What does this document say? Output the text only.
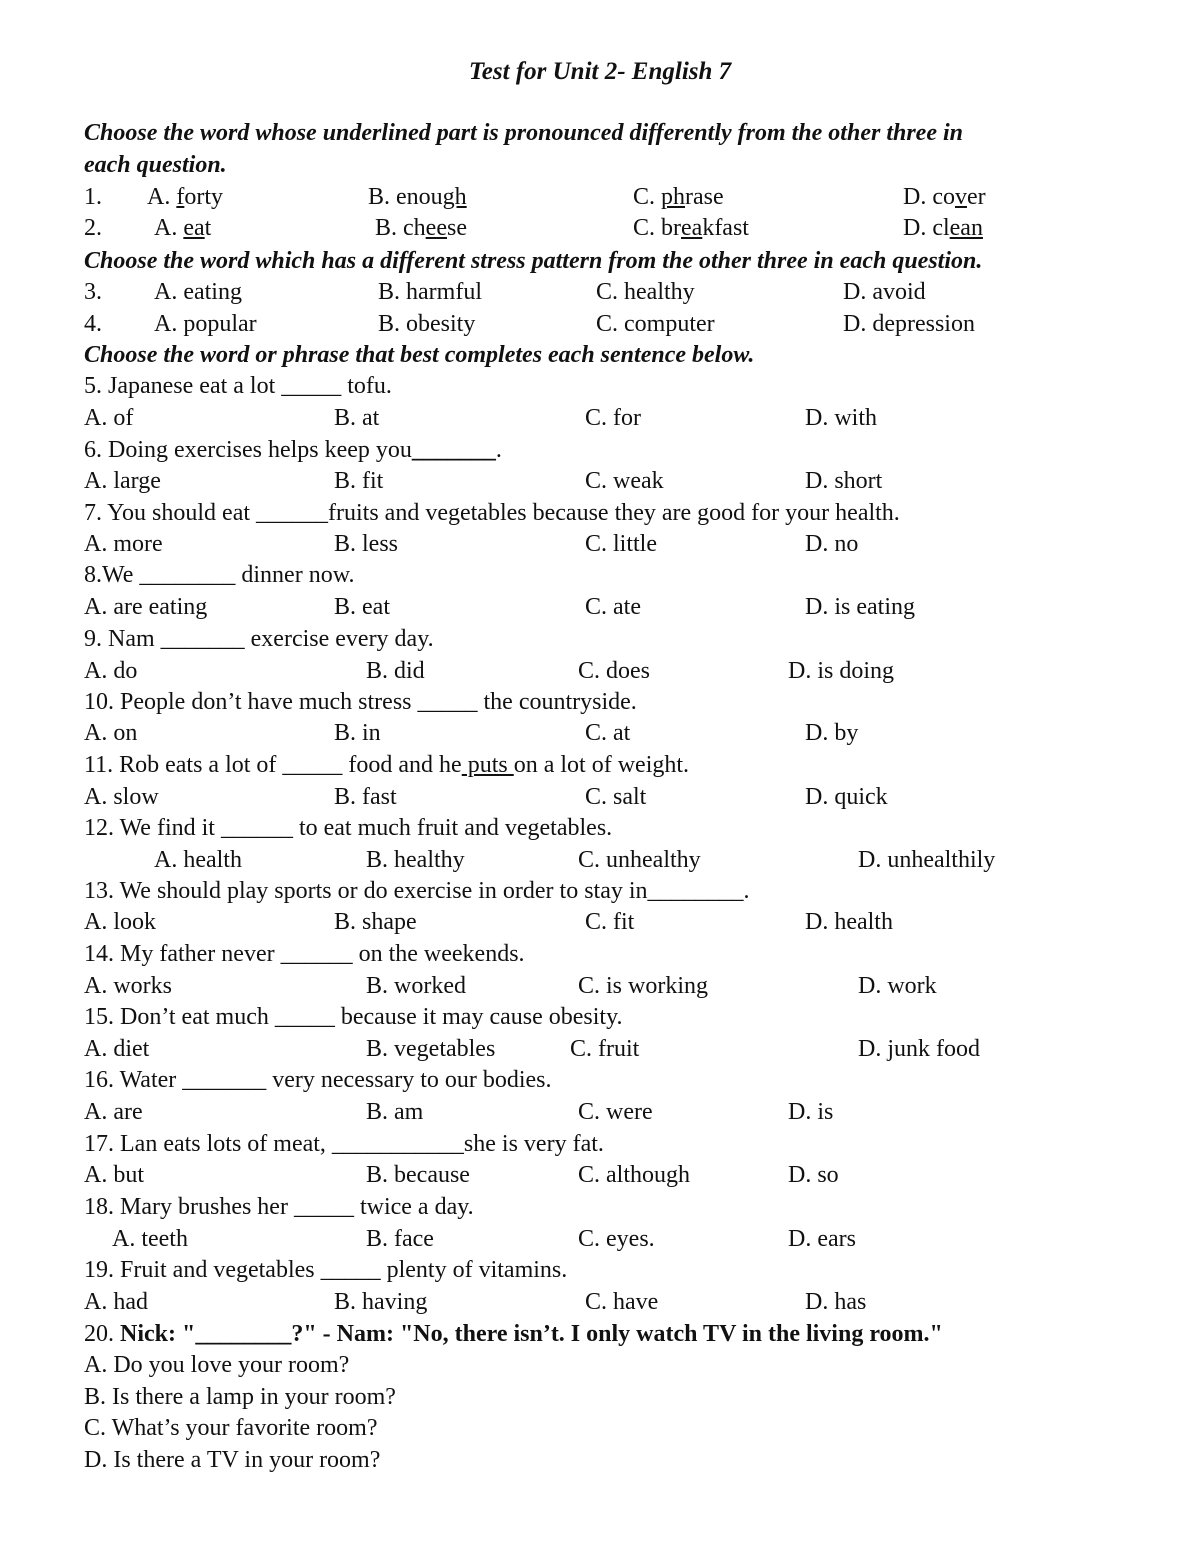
Test for Unit 2- English 7
Choose the word whose underlined part is pronounced differently from the other three in
each question.
1. A. forty	B. enough	C. phrase	D. cover
2. A. eat	B. cheese	C. breakfast	D. clean
Choose the word which has a different stress pattern from the other three in each question.
3. A. eating	B. harmful	C. healthy	D. avoid
4. A. popular	B. obesity	C. computer	D. depression
Choose the word or phrase that best completes each sentence below.
5. Japanese eat a lot _____ tofu.
A. of	B. at	C. for	D. with
6. Doing exercises helps keep you_______.
A. large	B. fit	C. weak	D. short
7. You should eat ______fruits and vegetables because they are good for your health.
A. more	B. less	C. little	D. no
8.We ________ dinner now.
A. are eating	B. eat	C. ate	D. is eating
9. Nam _______ exercise every day.
A. do	B. did	C. does	D. is doing
10. People don’t have much stress _____ the countryside.
A. on	B. in	C. at	D. by
11. Rob eats a lot of _____ food and he puts on a lot of weight.
A. slow	B. fast	C. salt	D. quick
12. We find it ______ to eat much fruit and vegetables.
A. health	B. healthy	C. unhealthy	D. unhealthily
13. We should play sports or do exercise in order to stay in________.
A. look	B. shape	C. fit	D. health
14. My father never ______ on the weekends.
A. works	B. worked	C. is working	D. work
15. Don’t eat much _____ because it may cause obesity.
A. diet	B. vegetables	C. fruit	D. junk food
16. Water _______ very necessary to our bodies.
A. are	B. am	C. were	D. is
17. Lan eats lots of meat, ___________she is very fat.
A. but	B. because	C. although	D. so
18. Mary brushes her _____ twice a day.
A. teeth	B. face	C. eyes.	D. ears
19. Fruit and vegetables _____ plenty of vitamins.
A. had	B. having	C. have	D. has
20. Nick: "________?" - Nam: "No, there isn’t. I only watch TV in the living room."
A. Do you love your room?
B. Is there a lamp in your room?
C. What’s your favorite room?
D. Is there a TV in your room?
